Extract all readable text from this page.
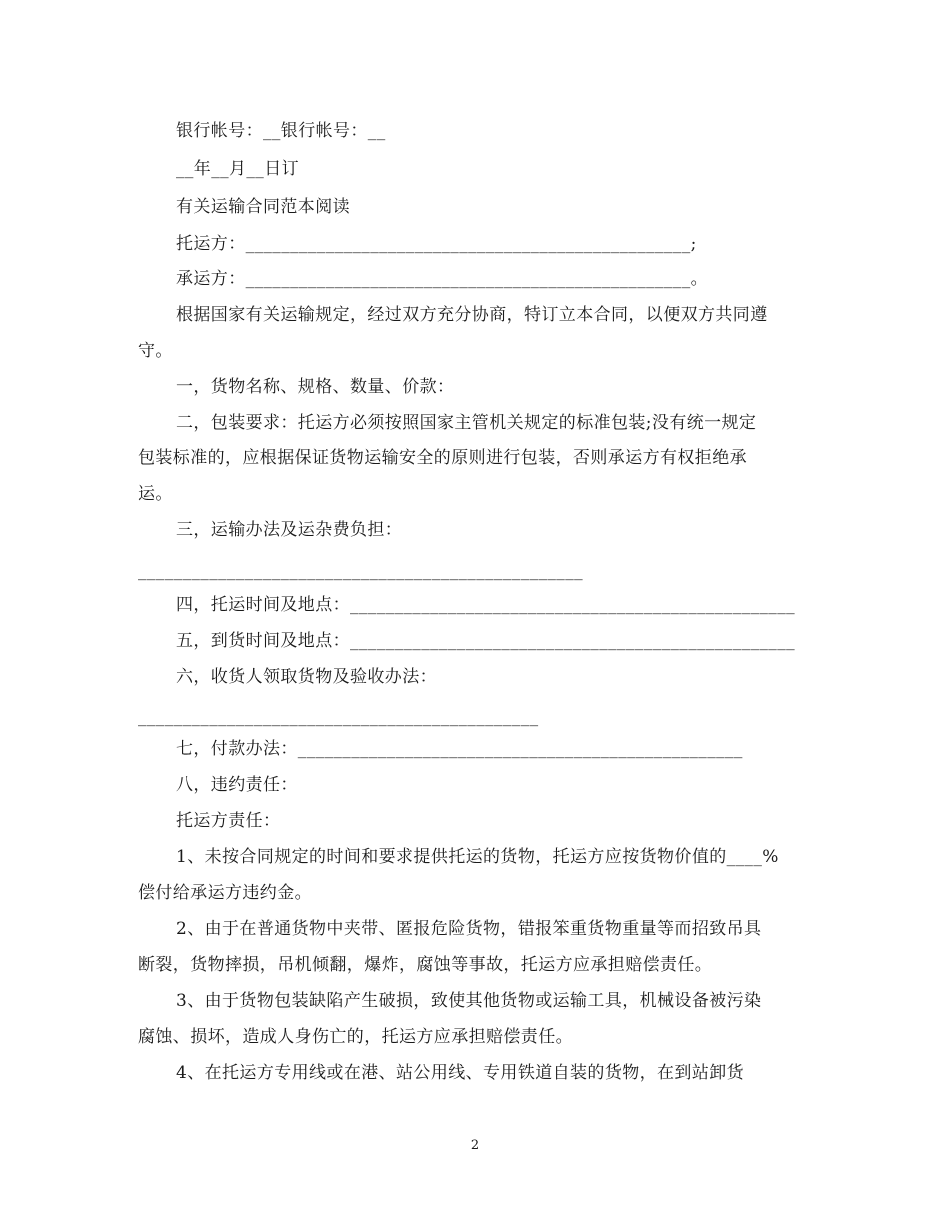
银行帐号：__银行帐号：__
__年__月__日订
有关运输合同范本阅读
托运方：__________________________________________________;
承运方：__________________________________________________。
根据国家有关运输规定，经过双方充分协商，特订立本合同，以便双方共同遵
守。
一，货物名称、规格、数量、价款：
二，包装要求：托运方必须按照国家主管机关规定的标准包装;没有统一规定
包装标准的，应根据保证货物运输安全的原则进行包装，否则承运方有权拒绝承
运。
三，运输办法及运杂费负担：
__________________________________________________
四，托运时间及地点：__________________________________________________
五，到货时间及地点：__________________________________________________
六，收货人领取货物及验收办法：
_____________________________________________
七，付款办法：__________________________________________________
八，违约责任：
托运方责任：
1、未按合同规定的时间和要求提供托运的货物，托运方应按货物价值的____%
偿付给承运方违约金。
2、由于在普通货物中夹带、匿报危险货物，错报笨重货物重量等而招致吊具
断裂，货物摔损，吊机倾翻，爆炸，腐蚀等事故，托运方应承担赔偿责任。
3、由于货物包装缺陷产生破损，致使其他货物或运输工具，机械设备被污染
腐蚀、损坏，造成人身伤亡的，托运方应承担赔偿责任。
4、在托运方专用线或在港、站公用线、专用铁道自装的货物，在到站卸货
2
